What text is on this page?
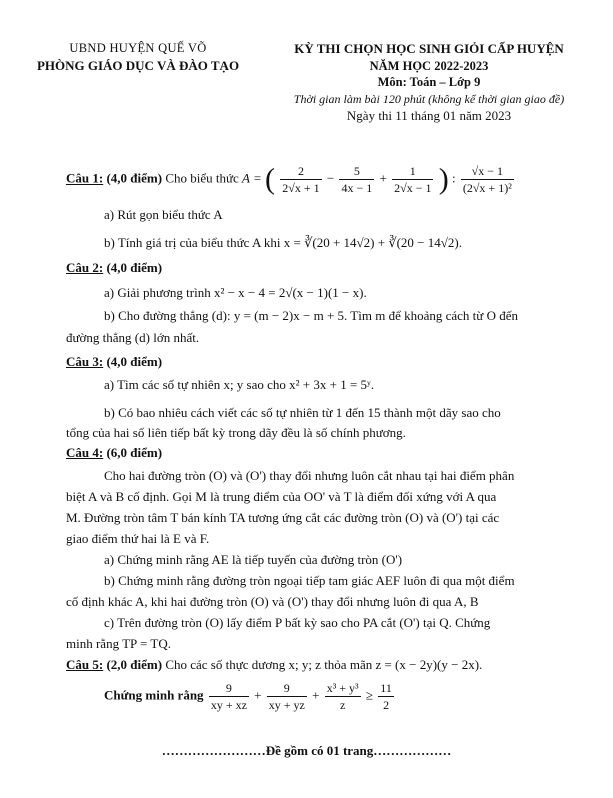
UBND HUYỆN QUẾ VÕ
PHÒNG GIÁO DỤC VÀ ĐÀO TẠO
KỲ THI CHỌN HỌC SINH GIỎI CẤP HUYỆN
NĂM HỌC 2022-2023
Môn: Toán – Lớp 9
Thời gian làm bài 120 phút (không kể thời gian giao đề)
Ngày thi 11 tháng 01 năm 2023
Câu 1: (4,0 điểm) Cho biểu thức A = ( $\frac{2}{2√x + 1} - \frac{5}{4x - 1} + \frac{1}{2√x - 1}$ ) : $\frac{√x - 1}{\text{(2√x + 1)²}}$
a) Rút gọn biểu thức A
b) Tính giá trị của biểu thức A khi x = ∛(20 + 14√2) + ∛(20 − 14√2).
Câu 2: (4,0 điểm)
a) Giải phương trình x² − x − 4 = 2√(x − 1)(1 − x).
b) Cho đường thẳng (d): y = (m − 2)x − m + 5. Tìm m để khoảng cách từ O đến
đường thẳng (d) lớn nhất.
Câu 3: (4,0 điểm)
a) Tìm các số tự nhiên x; y sao cho x² + 3x + 1 = 5ʸ.
b) Có bao nhiêu cách viết các số tự nhiên từ 1 đến 15 thành một dãy sao cho
tổng của hai số liên tiếp bất kỳ trong dãy đều là số chính phương.
Câu 4: (6,0 điểm)
Cho hai đường tròn (O) và (O') thay đổi nhưng luôn cắt nhau tại hai điểm phân
biệt A và B cố định. Gọi M là trung điểm của OO' và T là điểm đối xứng với A qua
M. Đường tròn tâm T bán kính TA tương ứng cắt các đường tròn (O) và (O') tại các
giao điểm thứ hai là E và F.
a) Chứng minh rằng AE là tiếp tuyến của đường tròn (O')
b) Chứng minh rằng đường tròn ngoại tiếp tam giác AEF luôn đi qua một điểm
cố định khác A, khi hai đường tròn (O) và (O') thay đổi nhưng luôn đi qua A, B
c) Trên đường tròn (O) lấy điểm P bất kỳ sao cho PA cắt (O') tại Q. Chứng
minh rằng TP = TQ.
Câu 5: (2,0 điểm) Cho các số thực dương x; y; z thỏa mãn z = (x − 2y)(y − 2x).
Chứng minh rằng $\frac{9}{xy + xz} + \frac{9}{xy + yz} + \frac{\text{x³ + y³}}{z} \ge \frac{11}{2}$
……………………Đề gồm có 01 trang………………
